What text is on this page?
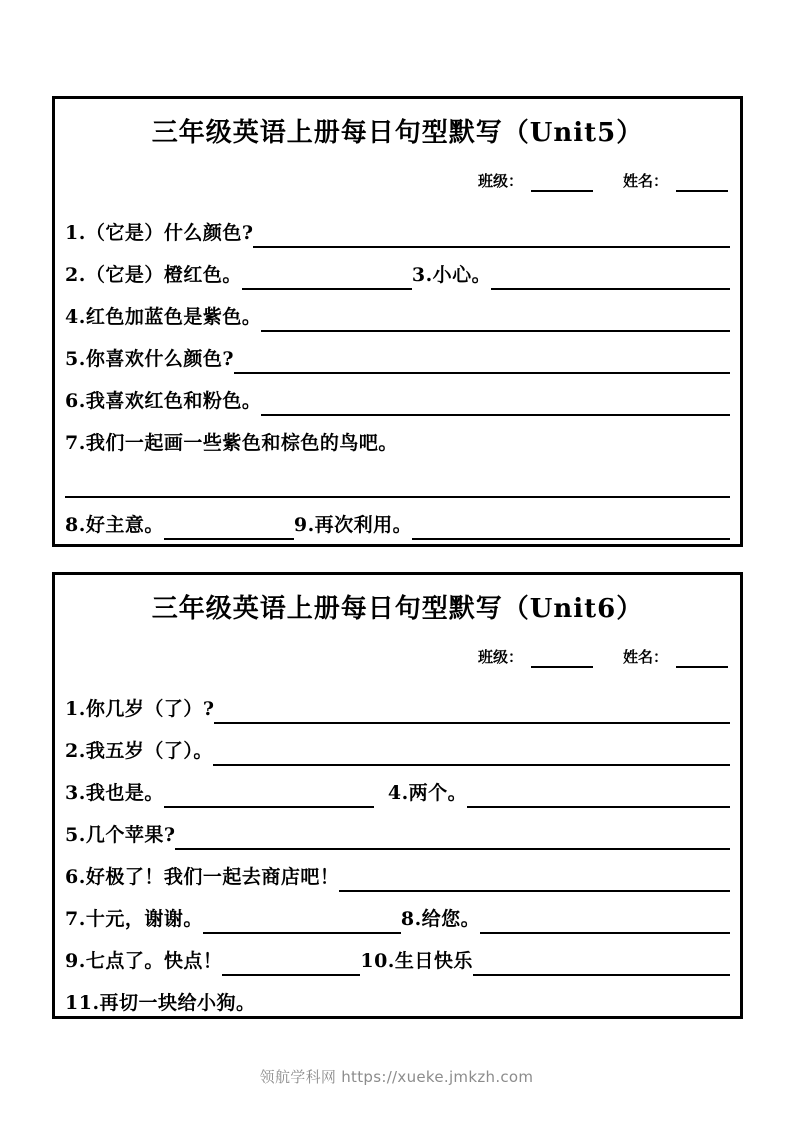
三年级英语上册每日句型默写（Unit5）
班级：	姓名：
1.（它是）什么颜色?
2.（它是）橙红色。	3.小心。
4.红色加蓝色是紫色。
5.你喜欢什么颜色?
6.我喜欢红色和粉色。
7.我们一起画一些紫色和棕色的鸟吧。
8.好主意。	9.再次利用。
三年级英语上册每日句型默写（Unit6）
班级：	姓名：
1.你几岁（了）?
2.我五岁（了）。
3.我也是。	4.两个。
5.几个苹果?
6.好极了！我们一起去商店吧！
7.十元，谢谢。	8.给您。
9.七点了。快点！	10.生日快乐
11.再切一块给小狗。
领航学科网 https://xueke.jmkzh.com
